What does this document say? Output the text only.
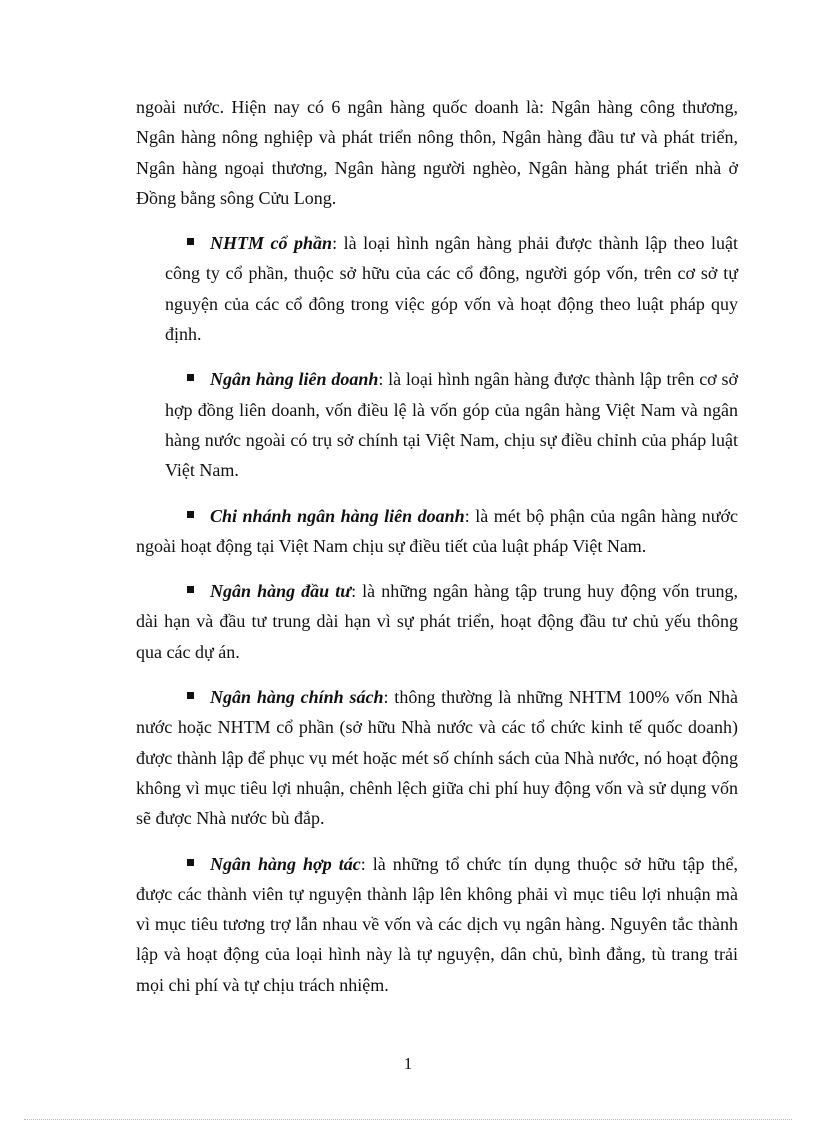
ngoài nước. Hiện nay có 6 ngân hàng quốc doanh là: Ngân hàng công thương, Ngân hàng nông nghiệp và phát triển nông thôn, Ngân hàng đầu tư và phát triển, Ngân hàng ngoại thương, Ngân hàng người nghèo, Ngân hàng phát triển nhà ở Đồng bằng sông Cửu Long.

NHTM cổ phần: là loại hình ngân hàng phải được thành lập theo luật công ty cổ phần, thuộc sở hữu của các cổ đông, người góp vốn, trên cơ sở tự nguyện của các cổ đông trong việc góp vốn và hoạt động theo luật pháp quy định.

Ngân hàng liên doanh: là loại hình ngân hàng được thành lập trên cơ sở hợp đồng liên doanh, vốn điều lệ là vốn góp của ngân hàng Việt Nam và ngân hàng nước ngoài có trụ sở chính tại Việt Nam, chịu sự điều chỉnh của pháp luật Việt Nam.

Chi nhánh ngân hàng liên doanh: là mét bộ phận của ngân hàng nước ngoài hoạt động tại Việt Nam chịu sự điều tiết của luật pháp Việt Nam.

Ngân hàng đầu tư: là những ngân hàng tập trung huy động vốn trung, dài hạn và đầu tư trung dài hạn vì sự phát triển, hoạt động đầu tư chủ yếu thông qua các dự án.

Ngân hàng chính sách: thông thường là những NHTM 100% vốn Nhà nước hoặc NHTM cổ phần (sở hữu Nhà nước và các tổ chức kinh tế quốc doanh) được thành lập để phục vụ mét hoặc mét số chính sách của Nhà nước, nó hoạt động không vì mục tiêu lợi nhuận, chênh lệch giữa chi phí huy động vốn và sử dụng vốn sẽ được Nhà nước bù đắp.

Ngân hàng hợp tác: là những tổ chức tín dụng thuộc sở hữu tập thể, được các thành viên tự nguyện thành lập lên không phải vì mục tiêu lợi nhuận mà vì mục tiêu tương trợ lẫn nhau về vốn và các dịch vụ ngân hàng. Nguyên tắc thành lập và hoạt động của loại hình này là tự nguyện, dân chủ, bình đẳng, tù trang trải mọi chi phí và tự chịu trách nhiệm.

1
